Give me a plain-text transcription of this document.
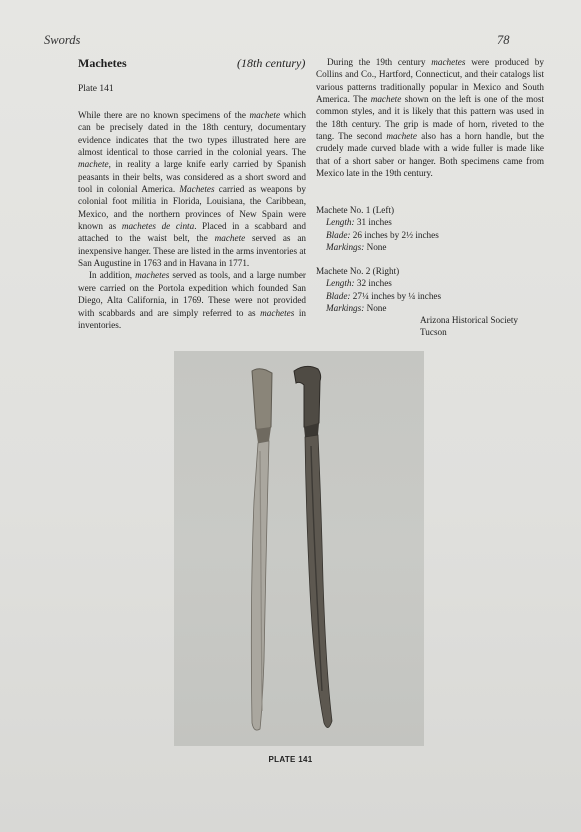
Swords	78
Machetes	(18th century)
Plate 141

While there are no known specimens of the machete which can be precisely dated in the 18th century, documentary evidence indicates that the two types illustrated here are almost identical to those carried in the colonial years. The machete, in reality a large knife early carried by Spanish peasants in their belts, was considered as a short sword and tool in colonial America. Machetes carried as weapons by colonial foot militia in Florida, Louisiana, the Caribbean, Mexico, and the northern provinces of New Spain were known as machetes de cinta. Placed in a scabbard and attached to the waist belt, the machete served as an inexpensive hanger. These are listed in the arms inventories at San Augustine in 1763 and in Havana in 1771.

In addition, machetes served as tools, and a large number were carried on the Portola expedition which founded San Diego, Alta California, in 1769. These were not provided with scabbards and are simply referred to as machetes in inventories.

During the 19th century machetes were produced by Collins and Co., Hartford, Connecticut, and their catalogs list various patterns traditionally popular in Mexico and South America. The machete shown on the left is one of the most common styles, and it is likely that this pattern was used in the 18th century. The grip is made of horn, riveted to the tang. The second machete also has a horn handle, but the crudely made curved blade with a wide fuller is made like that of a short saber or hanger. Both specimens came from Mexico late in the 19th century.

Machete No. 1 (Left)

Length: 31 inches

Blade: 26 inches by 2½ inches

Markings: None

Machete No. 2 (Right)

Length: 32 inches

Blade: 27¼ inches by ¼ inches

Markings: None

Arizona Historical Society
Tucson
PLATE 141
